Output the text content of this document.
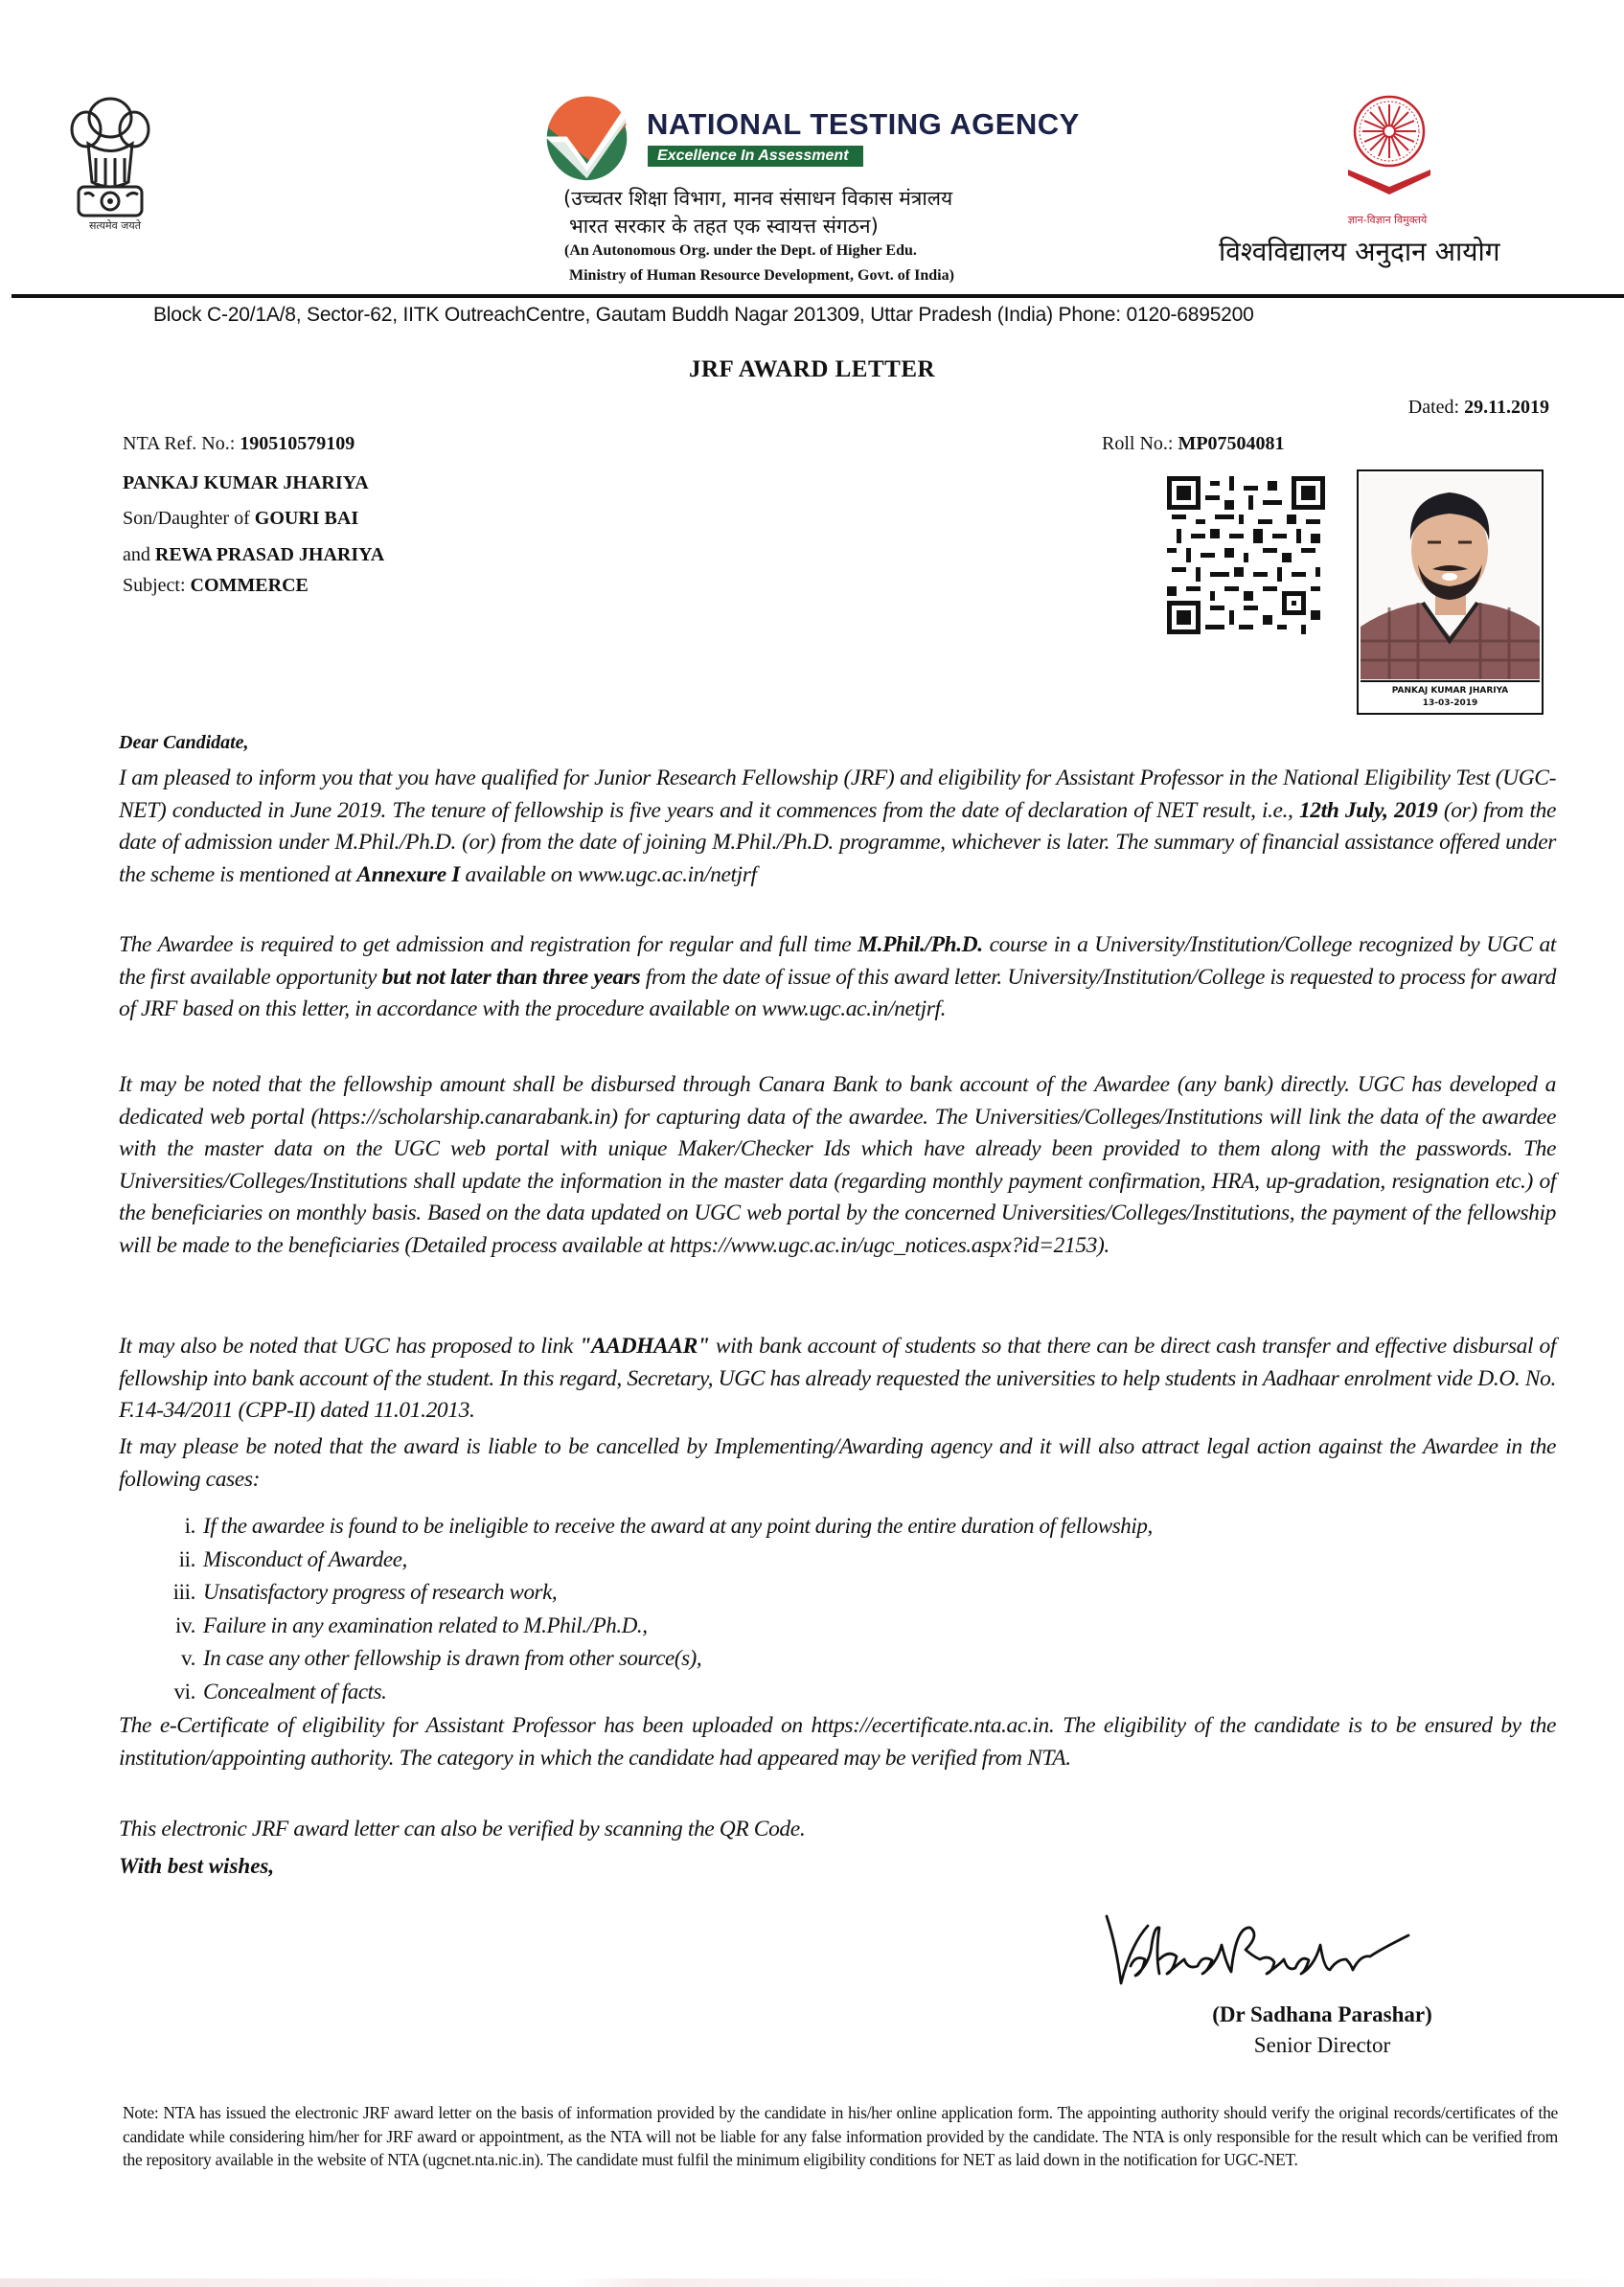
सत्यमेव जयते
NATIONAL TESTING AGENCY
Excellence In Assessment
(उच्चतर शिक्षा विभाग, मानव संसाधन विकास मंत्रालय
भारत सरकार के तहत एक स्वायत्त संगठन)
(An Autonomous Org. under the Dept. of Higher Edu.
Ministry of Human Resource Development, Govt. of India)
ज्ञान-विज्ञान विमुक्तये
विश्वविद्यालय अनुदान आयोग
Block C-20/1A/8, Sector-62, IITK OutreachCentre, Gautam Buddh Nagar 201309, Uttar Pradesh (India) Phone: 0120-6895200
JRF AWARD LETTER
Dated: 29.11.2019
NTA Ref. No.: 190510579109
PANKAJ KUMAR JHARIYA
Son/Daughter of GOURI BAI
and REWA PRASAD JHARIYA
Subject: COMMERCE
Roll No.: MP07504081
PANKAJ KUMAR JHARIYA
13-03-2019
Dear Candidate,
I am pleased to inform you that you have qualified for Junior Research Fellowship (JRF) and eligibility for Assistant Professor in the National Eligibility Test (UGC-NET) conducted in June 2019. The tenure of fellowship is five years and it commences from the date of declaration of NET result, i.e., 12th July, 2019 (or) from the date of admission under M.Phil./Ph.D. (or) from the date of joining M.Phil./Ph.D. programme, whichever is later. The summary of financial assistance offered under the scheme is mentioned at Annexure I available on www.ugc.ac.in/netjrf
The Awardee is required to get admission and registration for regular and full time M.Phil./Ph.D. course in a University/Institution/College recognized by UGC at the first available opportunity but not later than three years from the date of issue of this award letter. University/Institution/College is requested to process for award of JRF based on this letter, in accordance with the procedure available on www.ugc.ac.in/netjrf.
It may be noted that the fellowship amount shall be disbursed through Canara Bank to bank account of the Awardee (any bank) directly. UGC has developed a dedicated web portal (https://scholarship.canarabank.in) for capturing data of the awardee. The Universities/Colleges/Institutions will link the data of the awardee with the master data on the UGC web portal with unique Maker/Checker Ids which have already been provided to them along with the passwords. The Universities/Colleges/Institutions shall update the information in the master data (regarding monthly payment confirmation, HRA, up-gradation, resignation etc.) of the beneficiaries on monthly basis. Based on the data updated on UGC web portal by the concerned Universities/Colleges/Institutions, the payment of the fellowship will be made to the beneficiaries (Detailed process available at https://www.ugc.ac.in/ugc_notices.aspx?id=2153).
It may also be noted that UGC has proposed to link "AADHAAR" with bank account of students so that there can be direct cash transfer and effective disbursal of fellowship into bank account of the student. In this regard, Secretary, UGC has already requested the universities to help students in Aadhaar enrolment vide D.O. No. F.14-34/2011 (CPP-II) dated 11.01.2013.
It may please be noted that the award is liable to be cancelled by Implementing/Awarding agency and it will also attract legal action against the Awardee in the following cases:
i. If the awardee is found to be ineligible to receive the award at any point during the entire duration of fellowship,
ii. Misconduct of Awardee,
iii. Unsatisfactory progress of research work,
iv. Failure in any examination related to M.Phil./Ph.D.,
v. In case any other fellowship is drawn from other source(s),
vi. Concealment of facts.
The e-Certificate of eligibility for Assistant Professor has been uploaded on https://ecertificate.nta.ac.in. The eligibility of the candidate is to be ensured by the institution/appointing authority. The category in which the candidate had appeared may be verified from NTA.
This electronic JRF award letter can also be verified by scanning the QR Code.
With best wishes,
(Dr Sadhana Parashar)
Senior Director
Note: NTA has issued the electronic JRF award letter on the basis of information provided by the candidate in his/her online application form. The appointing authority should verify the original records/certificates of the candidate while considering him/her for JRF award or appointment, as the NTA will not be liable for any false information provided by the candidate. The NTA is only responsible for the result which can be verified from the repository available in the website of NTA (ugcnet.nta.nic.in). The candidate must fulfil the minimum eligibility conditions for NET as laid down in the notification for UGC-NET.
